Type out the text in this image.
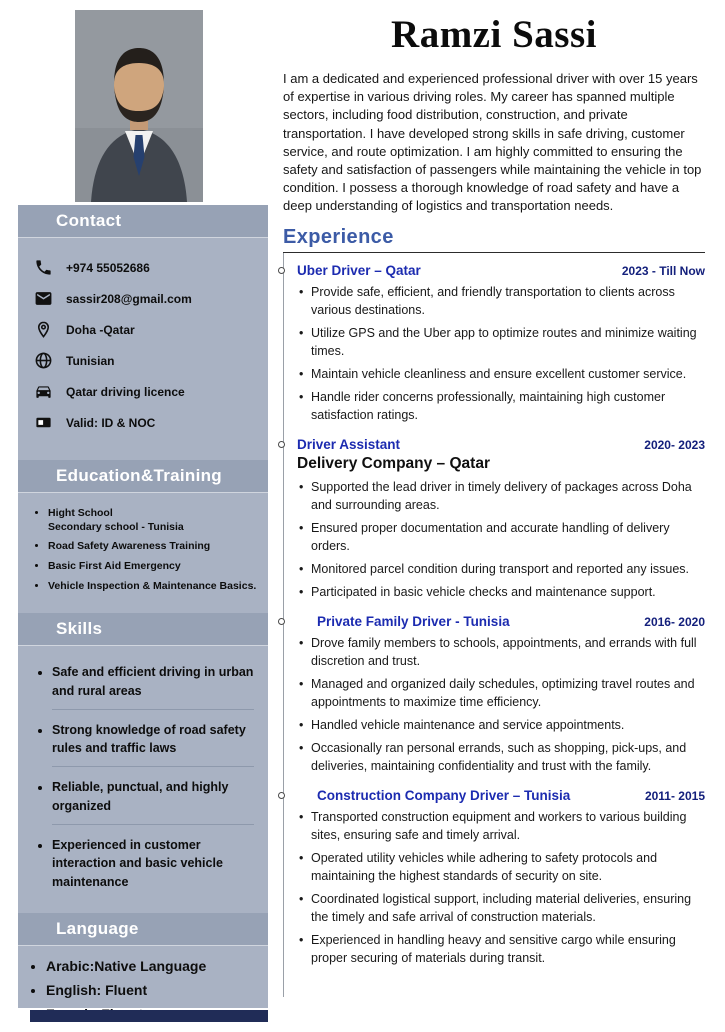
Contact
+974 55052686
sassir208@gmail.com
Doha -Qatar
Tunisian
Qatar driving licence
Valid: ID & NOC
Education&Training
• Hight School
Secondary school - Tunisia
• Road Safety Awareness Training
• Basic First Aid Emergency
• Vehicle Inspection & Maintenance Basics.
Skills
• Safe and efficient driving in urban and rural areas
• Strong knowledge of road safety rules and traffic laws
• Reliable, punctual, and highly organized
• Experienced in customer interaction and basic vehicle maintenance
Language
• Arabic:Native Language
• English: Fluent
•
Ramzi Sassi
I am a dedicated and experienced professional driver with over 15 years of expertise in various driving roles. My career has spanned multiple sectors, including food distribution, construction, and private transportation. I have developed strong skills in safe driving, customer service, and route optimization. I am highly committed to ensuring the safety and satisfaction of passengers while maintaining the vehicle in top condition. I possess a thorough knowledge of road safety and have a deep understanding of logistics and transportation needs.
Experience
Uber Driver – Qatar	2023 - Till Now
• Provide safe, efficient, and friendly transportation to clients across various destinations.
• Utilize GPS and the Uber app to optimize routes and minimize waiting times.
• Maintain vehicle cleanliness and ensure excellent customer service.
• Handle rider concerns professionally, maintaining high customer satisfaction ratings.
Driver Assistant	2020- 2023
Delivery Company – Qatar
• Supported the lead driver in timely delivery of packages across Doha and surrounding areas.
• Ensured proper documentation and accurate handling of delivery orders.
• Monitored parcel condition during transport and reported any issues.
• Participated in basic vehicle checks and maintenance support.
Private Family Driver - Tunisia	2016- 2020
• Drove family members to schools, appointments, and errands with full discretion and trust.
• Managed and organized daily schedules, optimizing travel routes and appointments to maximize time efficiency.
• Handled vehicle maintenance and service appointments.
• Occasionally ran personal errands, such as shopping, pick-ups, and deliveries, maintaining confidentiality and trust with the family.
Construction Company Driver – Tunisia	2011- 2015
• Transported construction equipment and workers to various building sites, ensuring safe and timely arrival.
• Operated utility vehicles while adhering to safety protocols and maintaining the highest standards of security on site.
• Coordinated logistical support, including material deliveries, ensuring the timely and safe arrival of construction materials.
• Experienced in handling heavy and sensitive cargo while ensuring proper securing of materials during transit.
